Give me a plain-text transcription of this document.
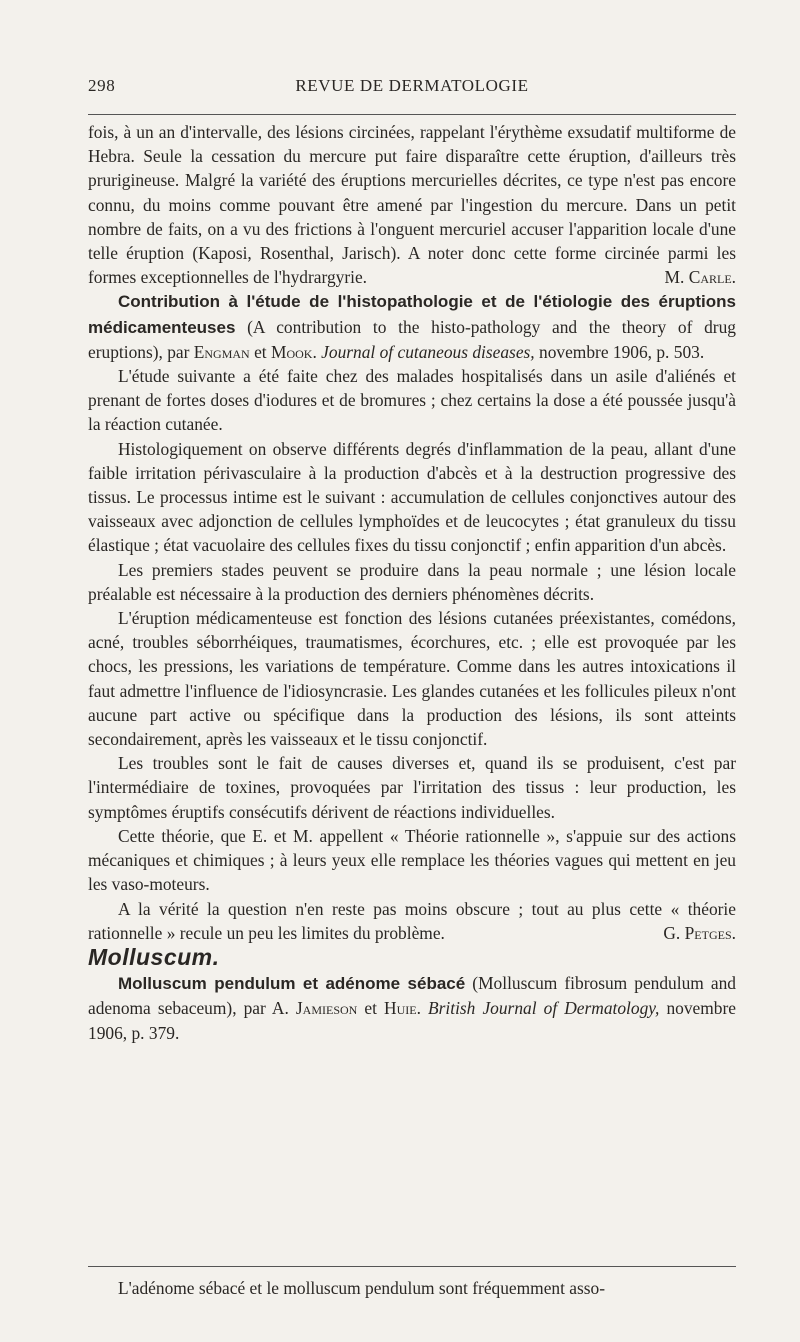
298	REVUE DE DERMATOLOGIE

fois, à un an d'intervalle, des lésions circinées, rappelant l'érythème exsudatif multiforme de Hebra. Seule la cessation du mercure put faire disparaître cette éruption, d'ailleurs très prurigineuse. Malgré la variété des éruptions mercurielles décrites, ce type n'est pas encore connu, du moins comme pouvant être amené par l'ingestion du mercure. Dans un petit nombre de faits, on a vu des frictions à l'onguent mercuriel accuser l'apparition locale d'une telle éruption (Kaposi, Rosenthal, Jarisch). A noter donc cette forme circinée parmi les formes exceptionnelles de l'hydrargyrie.	M. Carle.

Contribution à l'étude de l'histopathologie et de l'étiologie des éruptions médicamenteuses (A contribution to the histo-pathology and the theory of drug eruptions), par Engman et Mook. Journal of cutaneous diseases, novembre 1906, p. 503.

L'étude suivante a été faite chez des malades hospitalisés dans un asile d'aliénés et prenant de fortes doses d'iodures et de bromures ; chez certains la dose a été poussée jusqu'à la réaction cutanée.

Histologiquement on observe différents degrés d'inflammation de la peau, allant d'une faible irritation périvasculaire à la production d'abcès et à la destruction progressive des tissus. Le processus intime est le suivant : accumulation de cellules conjonctives autour des vaisseaux avec adjonction de cellules lymphoïdes et de leucocytes ; état granuleux du tissu élastique ; état vacuolaire des cellules fixes du tissu conjonctif ; enfin apparition d'un abcès.

Les premiers stades peuvent se produire dans la peau normale ; une lésion locale préalable est nécessaire à la production des derniers phénomènes décrits.

L'éruption médicamenteuse est fonction des lésions cutanées préexistantes, comédons, acné, troubles séborrhéiques, traumatismes, écorchures, etc. ; elle est provoquée par les chocs, les pressions, les variations de température. Comme dans les autres intoxications il faut admettre l'influence de l'idiosyncrasie. Les glandes cutanées et les follicules pileux n'ont aucune part active ou spécifique dans la production des lésions, ils sont atteints secondairement, après les vaisseaux et le tissu conjonctif.

Les troubles sont le fait de causes diverses et, quand ils se produisent, c'est par l'intermédiaire de toxines, provoquées par l'irritation des tissus : leur production, les symptômes éruptifs consécutifs dérivent de réactions individuelles.

Cette théorie, que E. et M. appellent « Théorie rationnelle », s'appuie sur des actions mécaniques et chimiques ; à leurs yeux elle remplace les théories vagues qui mettent en jeu les vaso-moteurs.

A la vérité la question n'en reste pas moins obscure ; tout au plus cette « théorie rationnelle » recule un peu les limites du problème.	G. Petges.

Molluscum.

Molluscum pendulum et adénome sébacé (Molluscum fibrosum pendulum and adenoma sebaceum), par A. Jamieson et Huie. British Journal of Dermatology, novembre 1906, p. 379.

L'adénome sébacé et le molluscum pendulum sont fréquemment asso-
